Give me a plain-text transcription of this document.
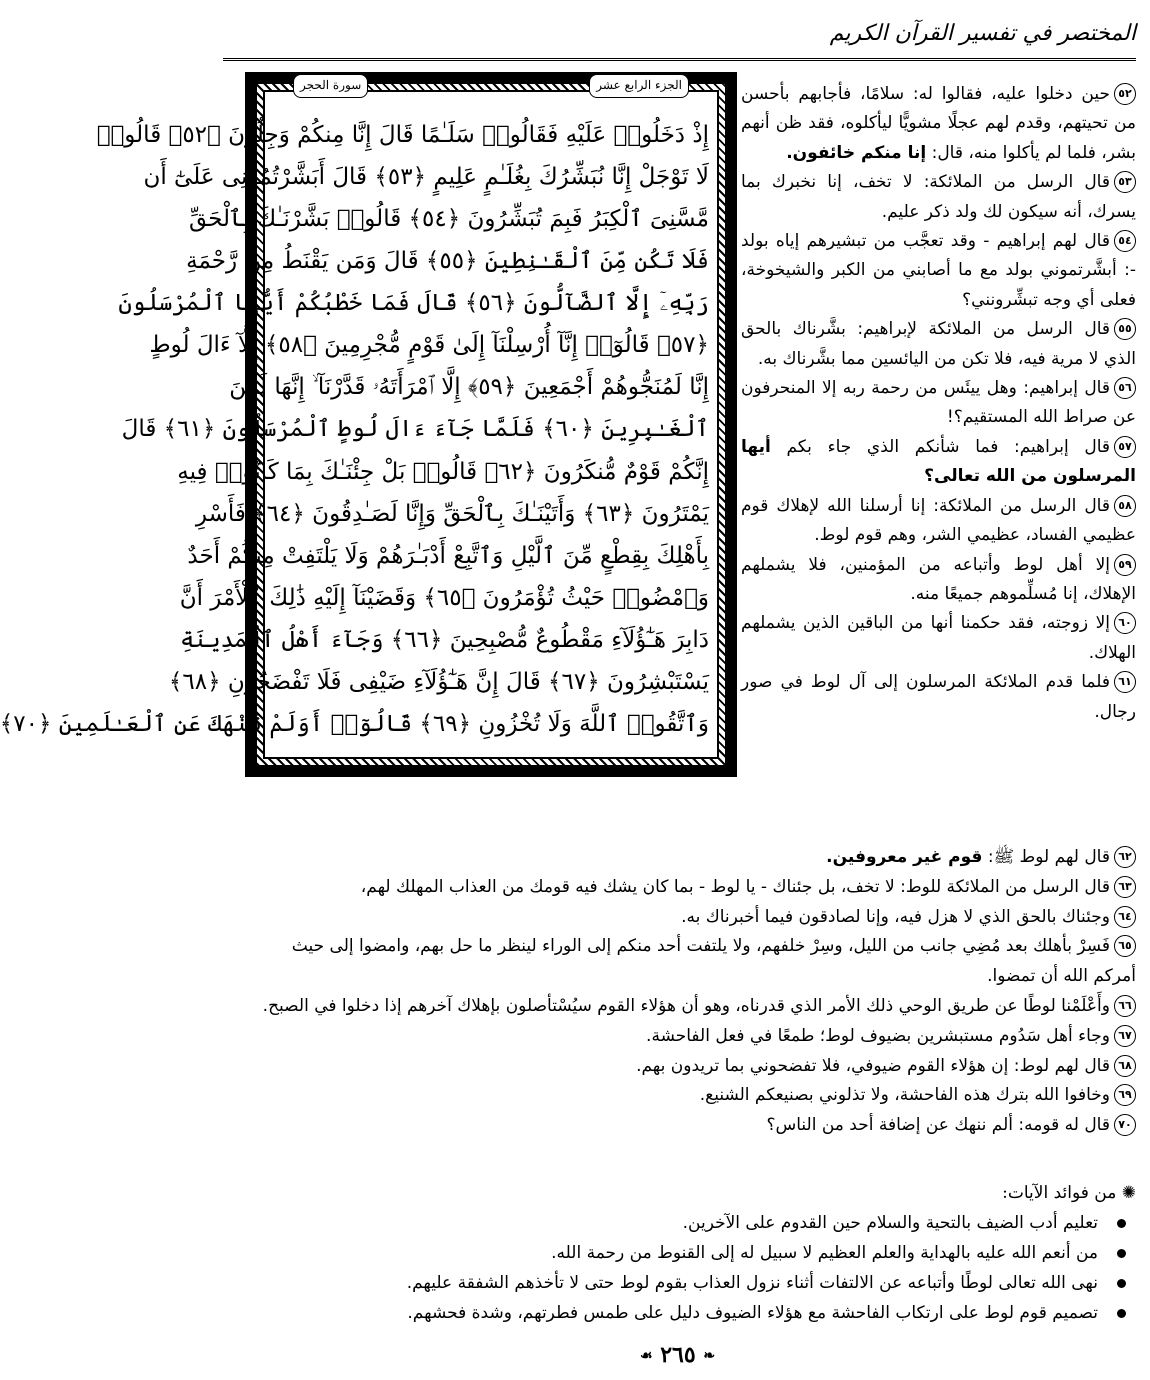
المختصر في تفسير القرآن الكريم

٥٢حين دخلوا عليه، فقالوا له: سلامًا، فأجابهم بأحسن من تحيتهم، وقدم لهم عجلًا مشويًّا ليأكلوه، فقد ظن أنهم بشر، فلما لم يأكلوا منه، قال: إنا منكم خائفون.

٥٣قال الرسل من الملائكة: لا تخف، إنا نخبرك بما يسرك، أنه سيكون لك ولد ذكر عليم.

٥٤قال لهم إبراهيم - وقد تعجَّب من تبشيرهم إياه بولد -: أبشَّرتموني بولد مع ما أصابني من الكبر والشيخوخة، فعلى أي وجه تبشِّرونني؟

٥٥قال الرسل من الملائكة لإبراهيم: بشَّرناك بالحق الذي لا مرية فيه، فلا تكن من اليائسين مما بشَّرناك به.

٥٦قال إبراهيم: وهل ييئَس من رحمة ربه إلا المنحرفون عن صراط الله المستقيم؟!

٥٧قال إبراهيم: فما شأنكم الذي جاء بكم أيها المرسلون من الله تعالى؟

٥٨قال الرسل من الملائكة: إنا أرسلنا الله لإهلاك قوم عظيمي الفساد، عظيمي الشر، وهم قوم لوط.

٥٩إلا أهل لوط وأتباعه من المؤمنين، فلا يشملهم الإهلاك، إنا مُسلِّموهم جميعًا منه.

٦٠إلا زوجته، فقد حكمنا أنها من الباقين الذين يشملهم الهلاك.

٦١فلما قدم الملائكة المرسلون إلى آل لوط في صور رجال.

الجزء الرابع عشر
سورة الحجر
إِذْ دَخَلُوا۟ عَلَيْهِ فَقَالُوا۟ سَلَـٰمًا قَالَ إِنَّا مِنكُمْ وَجِلُونَ ﴿٥٢﴾ قَالُوا۟
لَا تَوْجَلْ إِنَّا نُبَشِّرُكَ بِغُلَـٰمٍ عَلِيمٍ ﴿٥٣﴾ قَالَ أَبَشَّرْتُمُونِى عَلَىٰٓ أَن
مَّسَّنِىَ ٱلْكِبَرُ فَبِمَ تُبَشِّرُونَ ﴿٥٤﴾ قَالُوا۟ بَشَّرْنَـٰكَ بِٱلْحَقِّ
فَلَا تَكُن مِّنَ ٱلْقَـٰنِطِينَ ﴿٥٥﴾ قَالَ وَمَن يَقْنَطُ مِن رَّحْمَةِ
رَبِّهِۦٓ إِلَّا ٱلضَّآلُّونَ ﴿٥٦﴾ قَالَ فَمَا خَطْبُكُمْ أَيُّهَا ٱلْمُرْسَلُونَ
﴿٥٧﴾ قَالُوٓا۟ إِنَّآ أُرْسِلْنَآ إِلَىٰ قَوْمٍ مُّجْرِمِينَ ﴿٥٨﴾ إِلَّآ ءَالَ لُوطٍ
إِنَّا لَمُنَجُّوهُمْ أَجْمَعِينَ ﴿٥٩﴾ إِلَّا ٱمْرَأَتَهُۥ قَدَّرْنَآ ۙ إِنَّهَا لَمِنَ
ٱلْغَـٰبِرِينَ ﴿٦٠﴾ فَلَمَّا جَآءَ ءَالَ لُوطٍ ٱلْمُرْسَلُونَ ﴿٦١﴾ قَالَ
إِنَّكُمْ قَوْمٌ مُّنكَرُونَ ﴿٦٢﴾ قَالُوا۟ بَلْ جِئْنَـٰكَ بِمَا كَانُوا۟ فِيهِ
يَمْتَرُونَ ﴿٦٣﴾ وَأَتَيْنَـٰكَ بِٱلْحَقِّ وَإِنَّا لَصَـٰدِقُونَ ﴿٦٤﴾ فَأَسْرِ
بِأَهْلِكَ بِقِطْعٍ مِّنَ ٱلَّيْلِ وَٱتَّبِعْ أَدْبَـٰرَهُمْ وَلَا يَلْتَفِتْ مِنكُمْ أَحَدٌ
وَٱمْضُوا۟ حَيْثُ تُؤْمَرُونَ ﴿٦٥﴾ وَقَضَيْنَآ إِلَيْهِ ذَٰلِكَ ٱلْأَمْرَ أَنَّ
دَابِرَ هَـٰٓؤُلَآءِ مَقْطُوعٌ مُّصْبِحِينَ ﴿٦٦﴾ وَجَآءَ أَهْلُ ٱلْمَدِينَةِ
يَسْتَبْشِرُونَ ﴿٦٧﴾ قَالَ إِنَّ هَـٰٓؤُلَآءِ ضَيْفِى فَلَا تَفْضَحُونِ ﴿٦٨﴾
وَٱتَّقُوا۟ ٱللَّهَ وَلَا تُخْزُونِ ﴿٦٩﴾ قَالُوٓا۟ أَوَلَمْ نَنْهَكَ عَنِ ٱلْعَـٰلَمِينَ ﴿٧٠﴾

٦٢قال لهم لوط ﷺ: قوم غير معروفين.

٦٣قال الرسل من الملائكة للوط: لا تخف، بل جئناك - يا لوط - بما كان يشك فيه قومك من العذاب المهلك لهم،

٦٤وجئناك بالحق الذي لا هزل فيه، وإنا لصادقون فيما أخبرناك به.

٦٥فَسِرْ بأهلك بعد مُضِي جانب من الليل، وسِرْ خلفهم، ولا يلتفت أحد منكم إلى الوراء لينظر ما حل بهم، وامضوا إلى حيث أمركم الله أن تمضوا.

٦٦وأَعْلَمْنا لوطًا عن طريق الوحي ذلك الأمر الذي قدرناه، وهو أن هؤلاء القوم سيُسْتأصلون بإهلاك آخرهم إذا دخلوا في الصبح.

٦٧وجاء أهل سَدُوم مستبشرين بضيوف لوط؛ طمعًا في فعل الفاحشة.

٦٨قال لهم لوط: إن هؤلاء القوم ضيوفي، فلا تفضحوني بما تريدون بهم.

٦٩وخافوا الله بترك هذه الفاحشة، ولا تذلوني بصنيعكم الشنيع.

٧٠قال له قومه: ألم ننهك عن إضافة أحد من الناس؟

✺ من فوائد الآيات:
تعليم أدب الضيف بالتحية والسلام حين القدوم على الآخرين.
من أنعم الله عليه بالهداية والعلم العظيم لا سبيل له إلى القنوط من رحمة الله.
نهى الله تعالى لوطًا وأتباعه عن الالتفات أثناء نزول العذاب بقوم لوط حتى لا تأخذهم الشفقة عليهم.
تصميم قوم لوط على ارتكاب الفاحشة مع هؤلاء الضيوف دليل على طمس فطرتهم، وشدة فحشهم.
❧ ٢٦٥ ☙
